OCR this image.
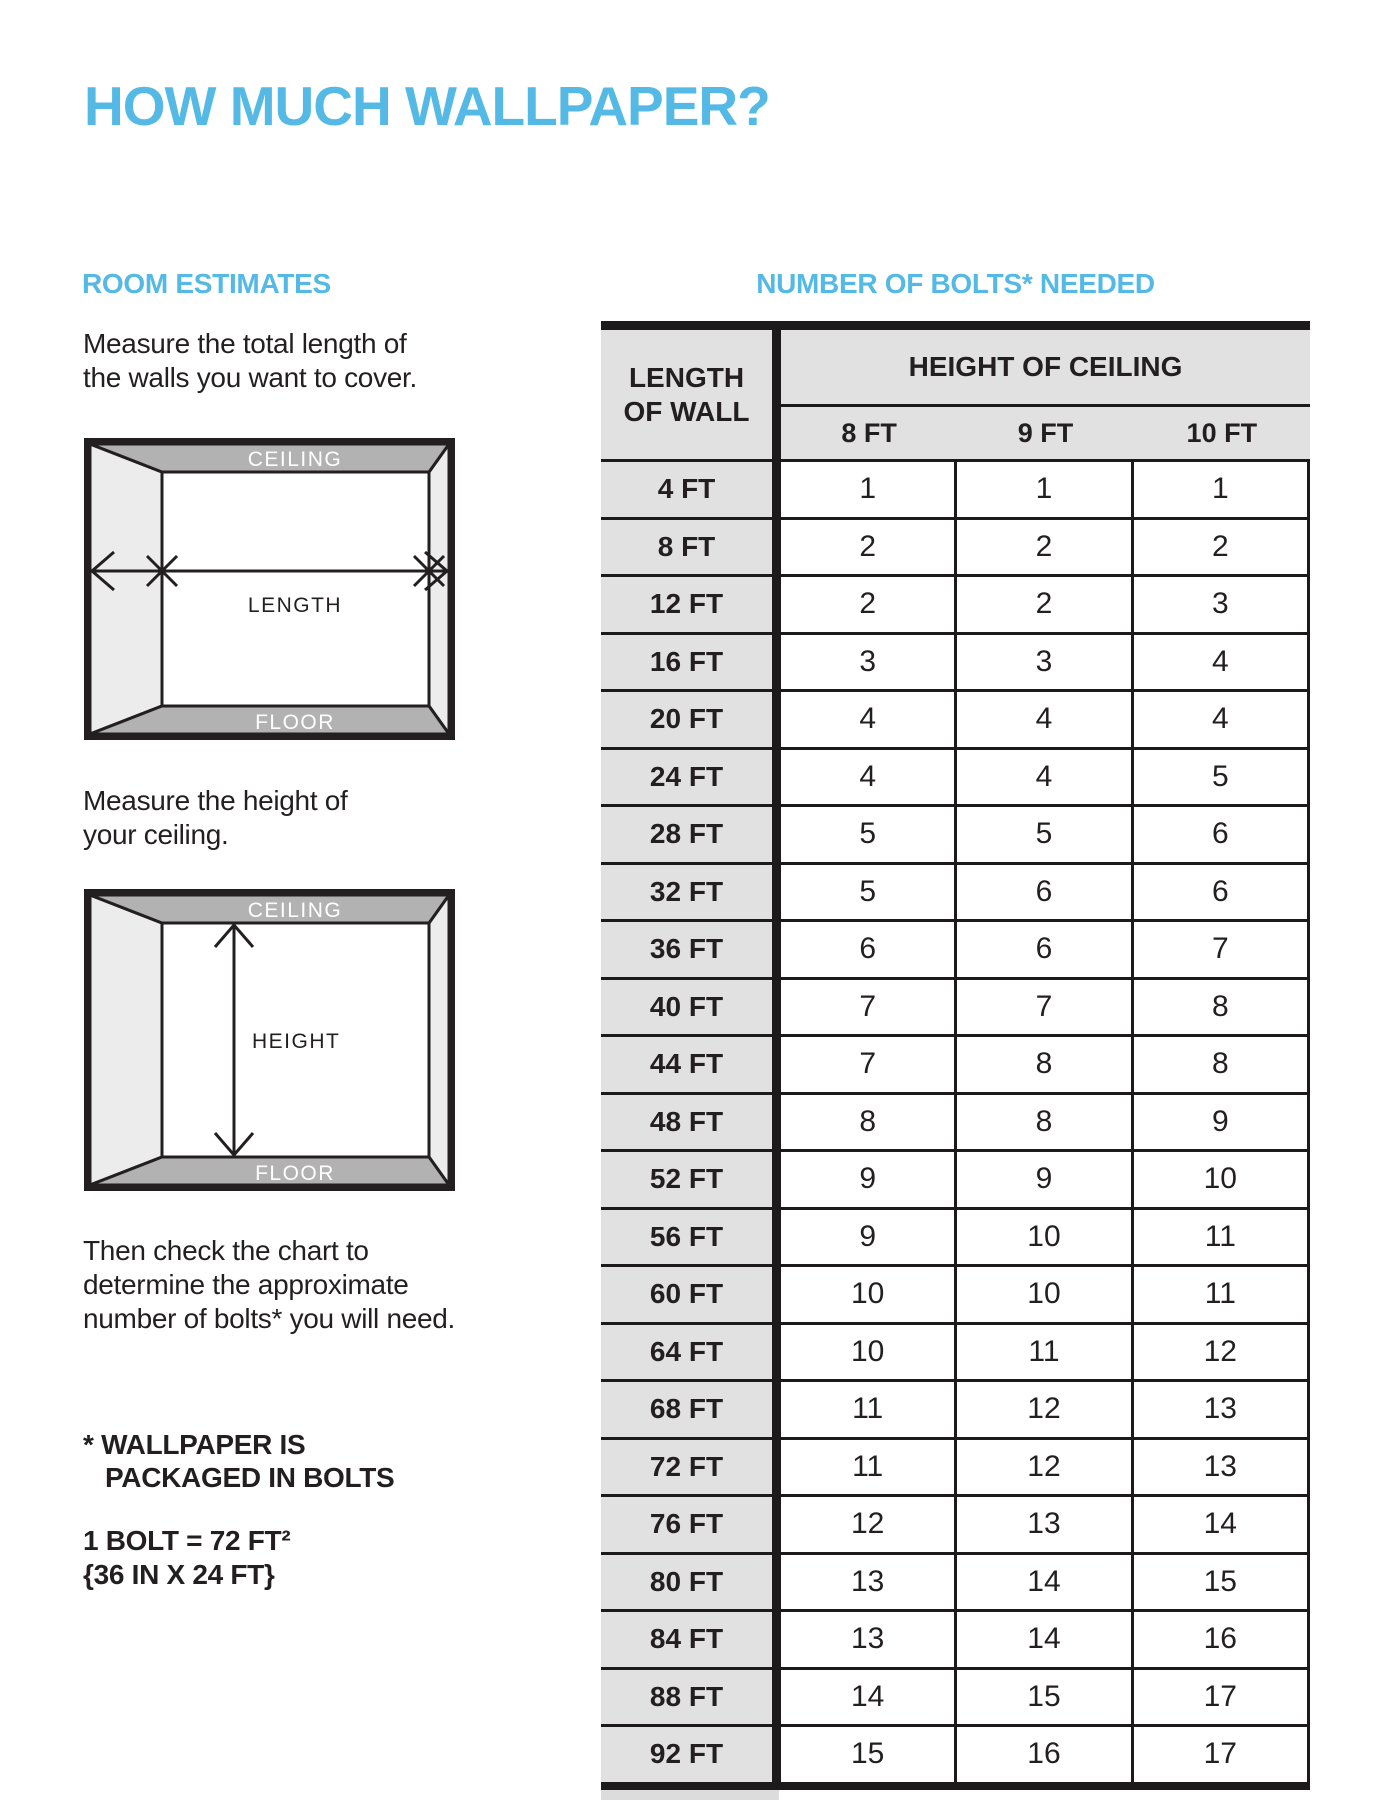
HOW MUCH WALLPAPER?
ROOM ESTIMATES	NUMBER OF BOLTS* NEEDED
Measure the total length of
the walls you want to cover.
CEILING
FLOOR
LENGTH
Measure the height of
your ceiling.
CEILING
FLOOR
HEIGHT
Then check the chart to
determine the approximate
number of bolts* you will need.
* WALLPAPER IS
PACKAGED IN BOLTS
1 BOLT = 72 FT²
{36 IN X 24 FT}
LENGTH
OF WALL
HEIGHT OF CEILING
8 FT	9 FT	10 FT
4 FT	1	1	1
8 FT	2	2	2
12 FT	2	2	3
16 FT	3	3	4
20 FT	4	4	4
24 FT	4	4	5
28 FT	5	5	6
32 FT	5	6	6
36 FT	6	6	7
40 FT	7	7	8
44 FT	7	8	8
48 FT	8	8	9
52 FT	9	9	10
56 FT	9	10	11
60 FT	10	10	11
64 FT	10	11	12
68 FT	11	12	13
72 FT	11	12	13
76 FT	12	13	14
80 FT	13	14	15
84 FT	13	14	16
88 FT	14	15	17
92 FT	15	16	17
